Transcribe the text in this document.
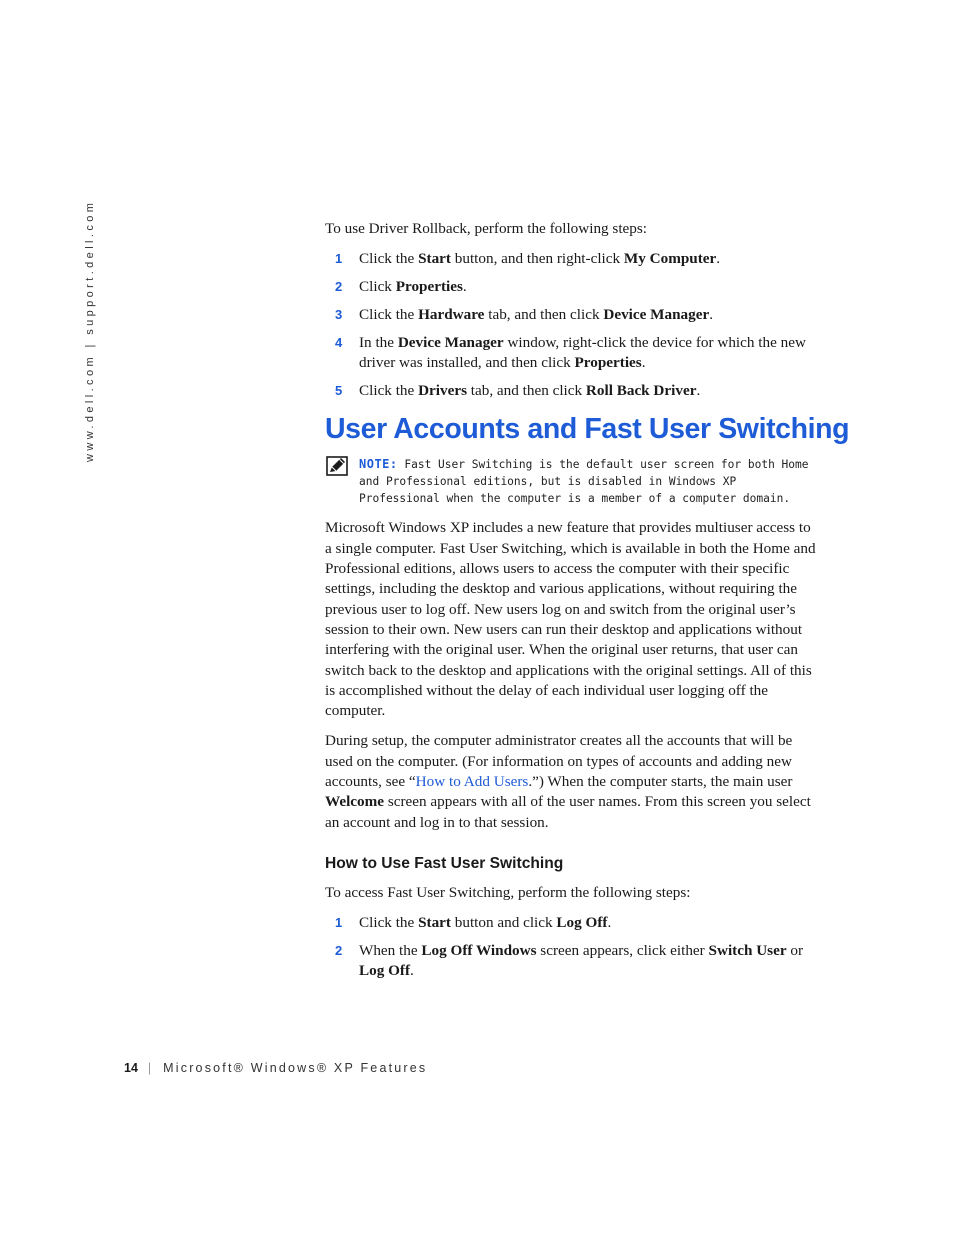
www.dell.com | support.dell.com	To use Driver Rollback, perform the following steps:

1 Click the Start button, and then right-click My Computer.
2 Click Properties.
3 Click the Hardware tab, and then click Device Manager.
4 In the Device Manager window, right-click the device for which the new driver was installed, and then click Properties.
5 Click the Drivers tab, and then click Roll Back Driver.
User Accounts and Fast User Switching
NOTE: Fast User Switching is the default user screen for both Home and Professional editions, but is disabled in Windows XP Professional when the computer is a member of a computer domain.

Microsoft Windows XP includes a new feature that provides multiuser access to a single computer. Fast User Switching, which is available in both the Home and Professional editions, allows users to access the computer with their specific settings, including the desktop and various applications, without requiring the previous user to log off. New users log on and switch from the original user’s session to their own. New users can run their desktop and applications without interfering with the original user. When the original user returns, that user can switch back to the desktop and applications with the original settings. All of this is accomplished without the delay of each individual user logging off the computer.

During setup, the computer administrator creates all the accounts that will be used on the computer. (For information on types of accounts and adding new accounts, see “How to Add Users.”) When the computer starts, the main user Welcome screen appears with all of the user names. From this screen you select an account and log in to that session.

How to Use Fast User Switching

To access Fast User Switching, perform the following steps:

1 Click the Start button and click Log Off.
2 When the Log Off Windows screen appears, click either Switch User or Log Off.
14 | Microsoft® Windows® XP Features
